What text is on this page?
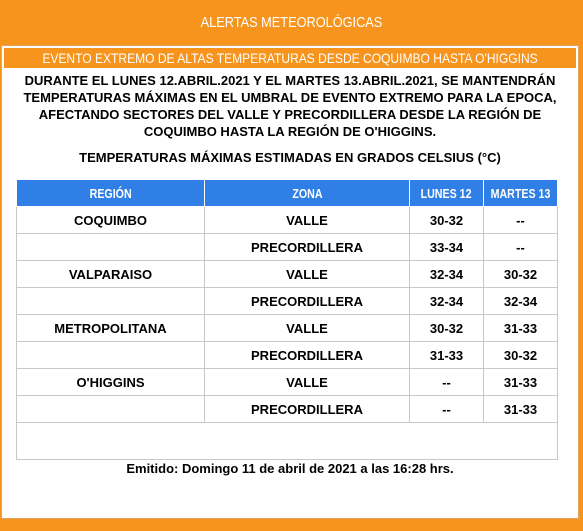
ALERTAS METEOROLÓGICAS
EVENTO EXTREMO DE ALTAS TEMPERATURAS DESDE COQUIMBO HASTA O'HIGGINS
DURANTE EL LUNES 12.ABRIL.2021 Y EL MARTES 13.ABRIL.2021, SE MANTENDRÁN
TEMPERATURAS MÁXIMAS EN EL UMBRAL DE EVENTO EXTREMO PARA LA EPOCA,
AFECTANDO SECTORES DEL VALLE Y PRECORDILLERA DESDE LA REGIÓN DE
COQUIMBO HASTA LA REGIÓN DE O'HIGGINS.
TEMPERATURAS MÁXIMAS ESTIMADAS EN GRADOS CELSIUS (°C)
REGIÓN	ZONA	LUNES 12	MARTES 13
COQUIMBO	VALLE	30-32	--
	PRECORDILLERA	33-34	--
VALPARAISO	VALLE	32-34	30-32
	PRECORDILLERA	32-34	32-34
METROPOLITANA	VALLE	30-32	31-33
	PRECORDILLERA	31-33	30-32
O'HIGGINS	VALLE	--	31-33
	PRECORDILLERA	--	31-33

Emitido: Domingo 11 de abril de 2021 a las 16:28 hrs.
